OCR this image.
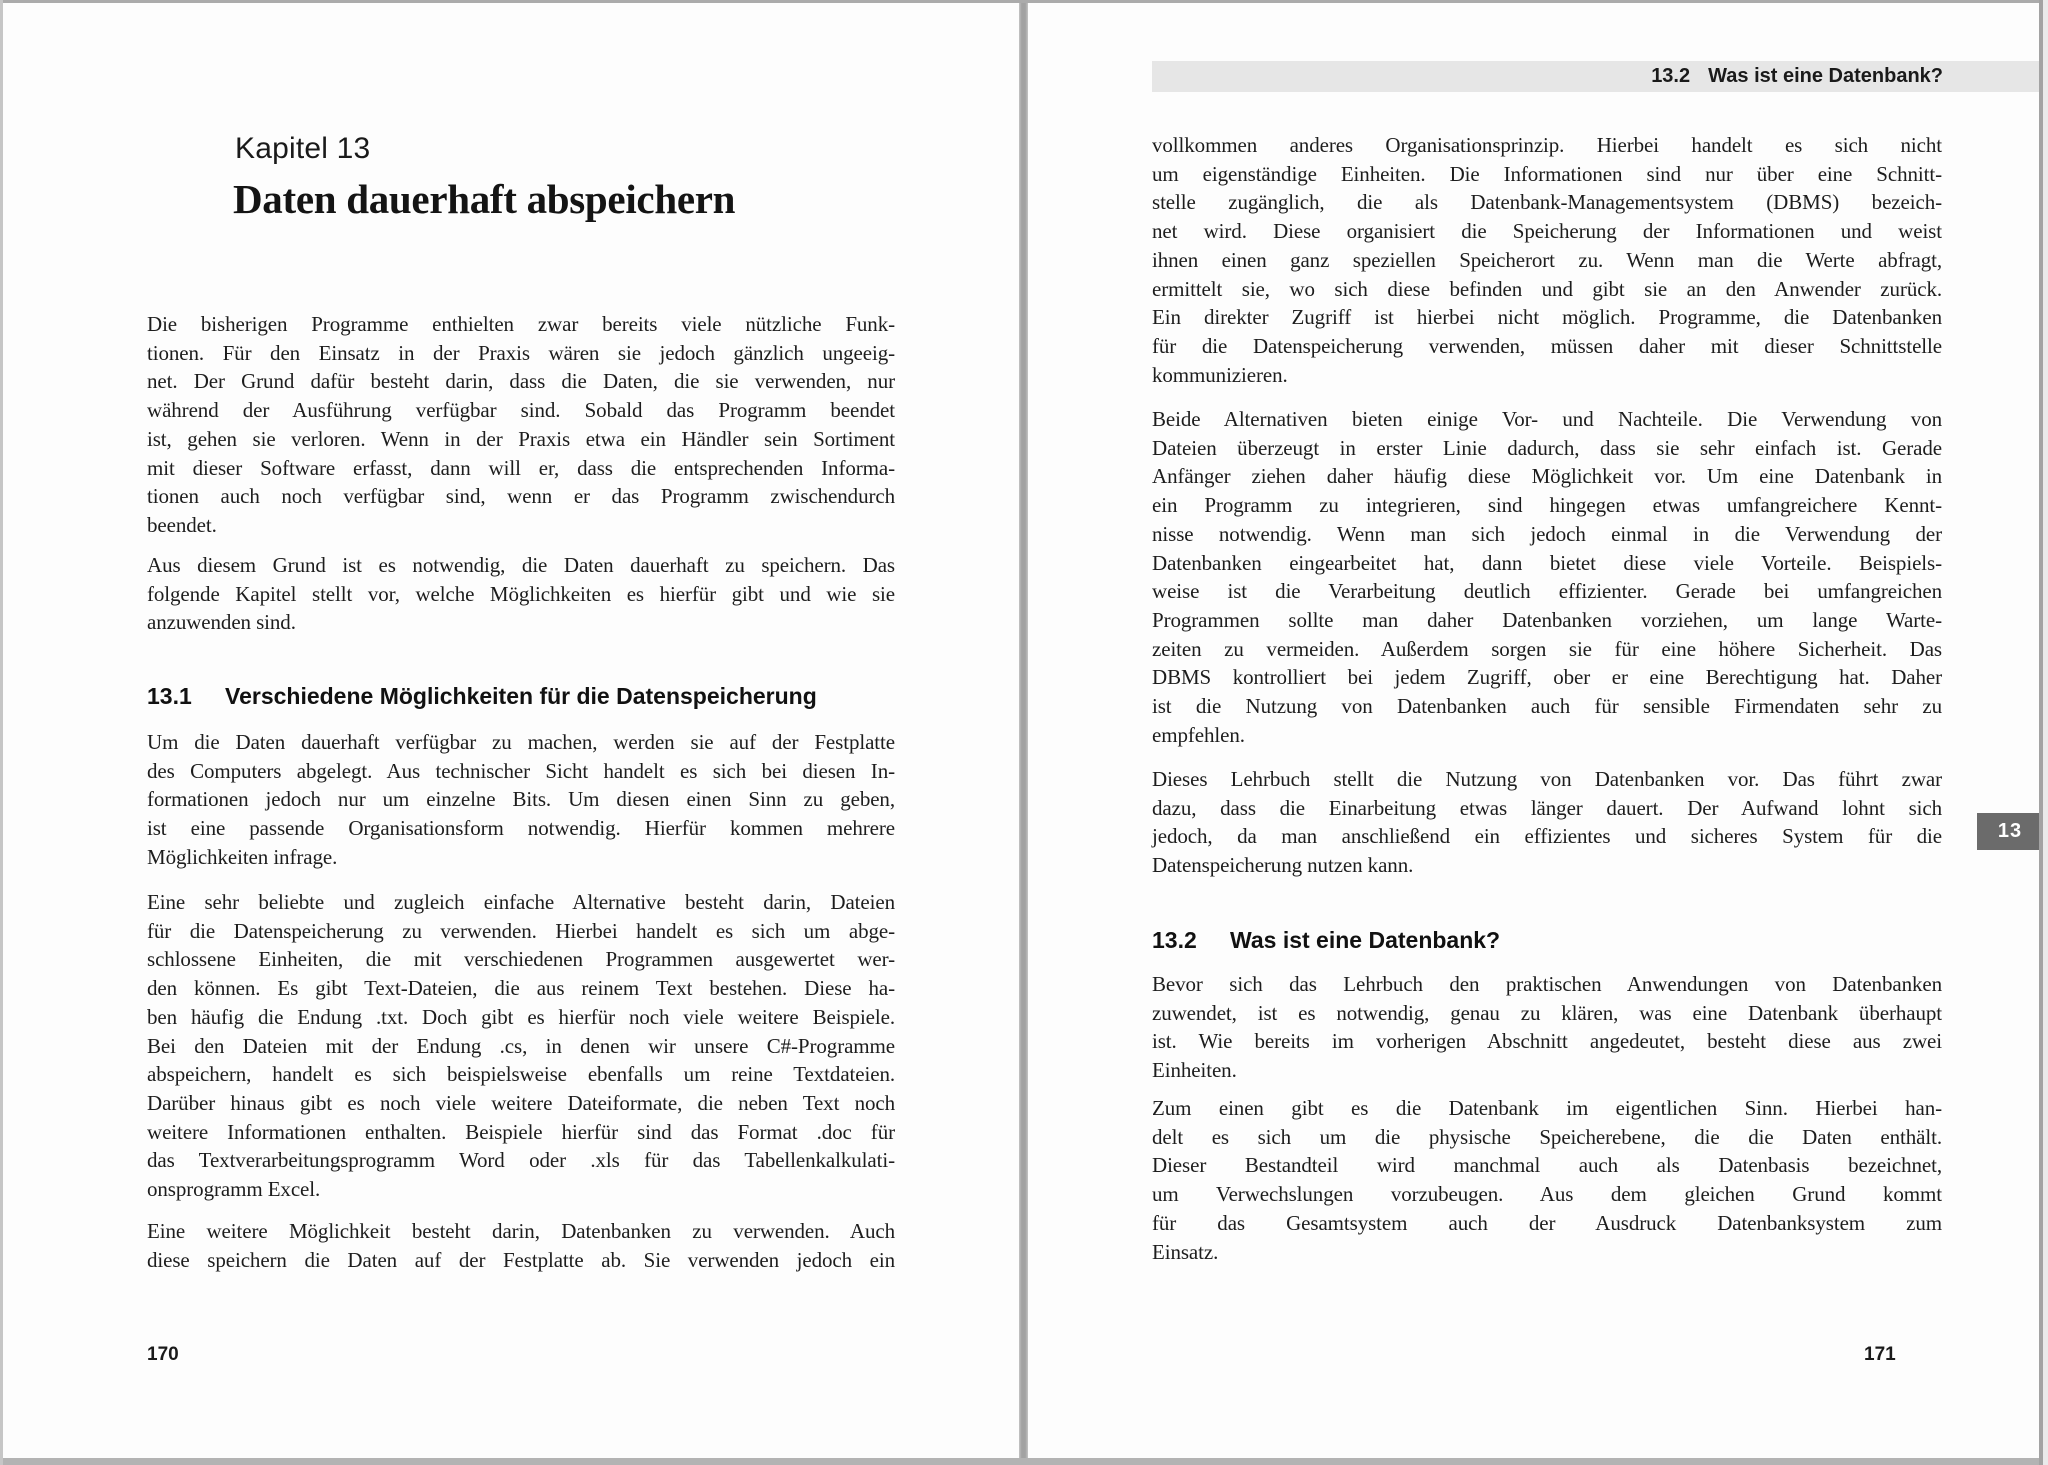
Kapitel 13
Daten dauerhaft abspeichern
Die bisherigen Programme enthielten zwar bereits viele nützliche Funk-
tionen. Für den Einsatz in der Praxis wären sie jedoch gänzlich ungeeig-
net. Der Grund dafür besteht darin, dass die Daten, die sie verwenden, nur
während der Ausführung verfügbar sind. Sobald das Programm beendet
ist, gehen sie verloren. Wenn in der Praxis etwa ein Händler sein Sortiment
mit dieser Software erfasst, dann will er, dass die entsprechenden Informa-
tionen auch noch verfügbar sind, wenn er das Programm zwischendurch
beendet.
Aus diesem Grund ist es notwendig, die Daten dauerhaft zu speichern. Das
folgende Kapitel stellt vor, welche Möglichkeiten es hierfür gibt und wie sie
anzuwenden sind.
13.1	Verschiedene Möglichkeiten für die Datenspeicherung
Um die Daten dauerhaft verfügbar zu machen, werden sie auf der Festplatte
des Computers abgelegt. Aus technischer Sicht handelt es sich bei diesen In-
formationen jedoch nur um einzelne Bits. Um diesen einen Sinn zu geben,
ist eine passende Organisationsform notwendig. Hierfür kommen mehrere
Möglichkeiten infrage.
Eine sehr beliebte und zugleich einfache Alternative besteht darin, Dateien
für die Datenspeicherung zu verwenden. Hierbei handelt es sich um abge-
schlossene Einheiten, die mit verschiedenen Programmen ausgewertet wer-
den können. Es gibt Text-Dateien, die aus reinem Text bestehen. Diese ha-
ben häufig die Endung .txt. Doch gibt es hierfür noch viele weitere Beispiele.
Bei den Dateien mit der Endung .cs, in denen wir unsere C#-Programme
abspeichern, handelt es sich beispielsweise ebenfalls um reine Textdateien.
Darüber hinaus gibt es noch viele weitere Dateiformate, die neben Text noch
weitere Informationen enthalten. Beispiele hierfür sind das Format .doc für
das Textverarbeitungsprogramm Word oder .xls für das Tabellenkalkulati-
onsprogramm Excel.
Eine weitere Möglichkeit besteht darin, Datenbanken zu verwenden. Auch
diese speichern die Daten auf der Festplatte ab. Sie verwenden jedoch ein
170
13.2 Was ist eine Datenbank?
vollkommen anderes Organisationsprinzip. Hierbei handelt es sich nicht
um eigenständige Einheiten. Die Informationen sind nur über eine Schnitt-
stelle zugänglich, die als Datenbank-Managementsystem (DBMS) bezeich-
net wird. Diese organisiert die Speicherung der Informationen und weist
ihnen einen ganz speziellen Speicherort zu. Wenn man die Werte abfragt,
ermittelt sie, wo sich diese befinden und gibt sie an den Anwender zurück.
Ein direkter Zugriff ist hierbei nicht möglich. Programme, die Datenbanken
für die Datenspeicherung verwenden, müssen daher mit dieser Schnittstelle
kommunizieren.
Beide Alternativen bieten einige Vor- und Nachteile. Die Verwendung von
Dateien überzeugt in erster Linie dadurch, dass sie sehr einfach ist. Gerade
Anfänger ziehen daher häufig diese Möglichkeit vor. Um eine Datenbank in
ein Programm zu integrieren, sind hingegen etwas umfangreichere Kennt-
nisse notwendig. Wenn man sich jedoch einmal in die Verwendung der
Datenbanken eingearbeitet hat, dann bietet diese viele Vorteile. Beispiels-
weise ist die Verarbeitung deutlich effizienter. Gerade bei umfangreichen
Programmen sollte man daher Datenbanken vorziehen, um lange Warte-
zeiten zu vermeiden. Außerdem sorgen sie für eine höhere Sicherheit. Das
DBMS kontrolliert bei jedem Zugriff, ober er eine Berechtigung hat. Daher
ist die Nutzung von Datenbanken auch für sensible Firmendaten sehr zu
empfehlen.
Dieses Lehrbuch stellt die Nutzung von Datenbanken vor. Das führt zwar
dazu, dass die Einarbeitung etwas länger dauert. Der Aufwand lohnt sich
jedoch, da man anschließend ein effizientes und sicheres System für die
Datenspeicherung nutzen kann.
13.2	Was ist eine Datenbank?
Bevor sich das Lehrbuch den praktischen Anwendungen von Datenbanken
zuwendet, ist es notwendig, genau zu klären, was eine Datenbank überhaupt
ist. Wie bereits im vorherigen Abschnitt angedeutet, besteht diese aus zwei
Einheiten.
Zum einen gibt es die Datenbank im eigentlichen Sinn. Hierbei han-
delt es sich um die physische Speicherebene, die die Daten enthält.
Dieser Bestandteil wird manchmal auch als Datenbasis bezeichnet,
um Verwechslungen vorzubeugen. Aus dem gleichen Grund kommt
für das Gesamtsystem auch der Ausdruck Datenbanksystem zum
Einsatz.
13
171
